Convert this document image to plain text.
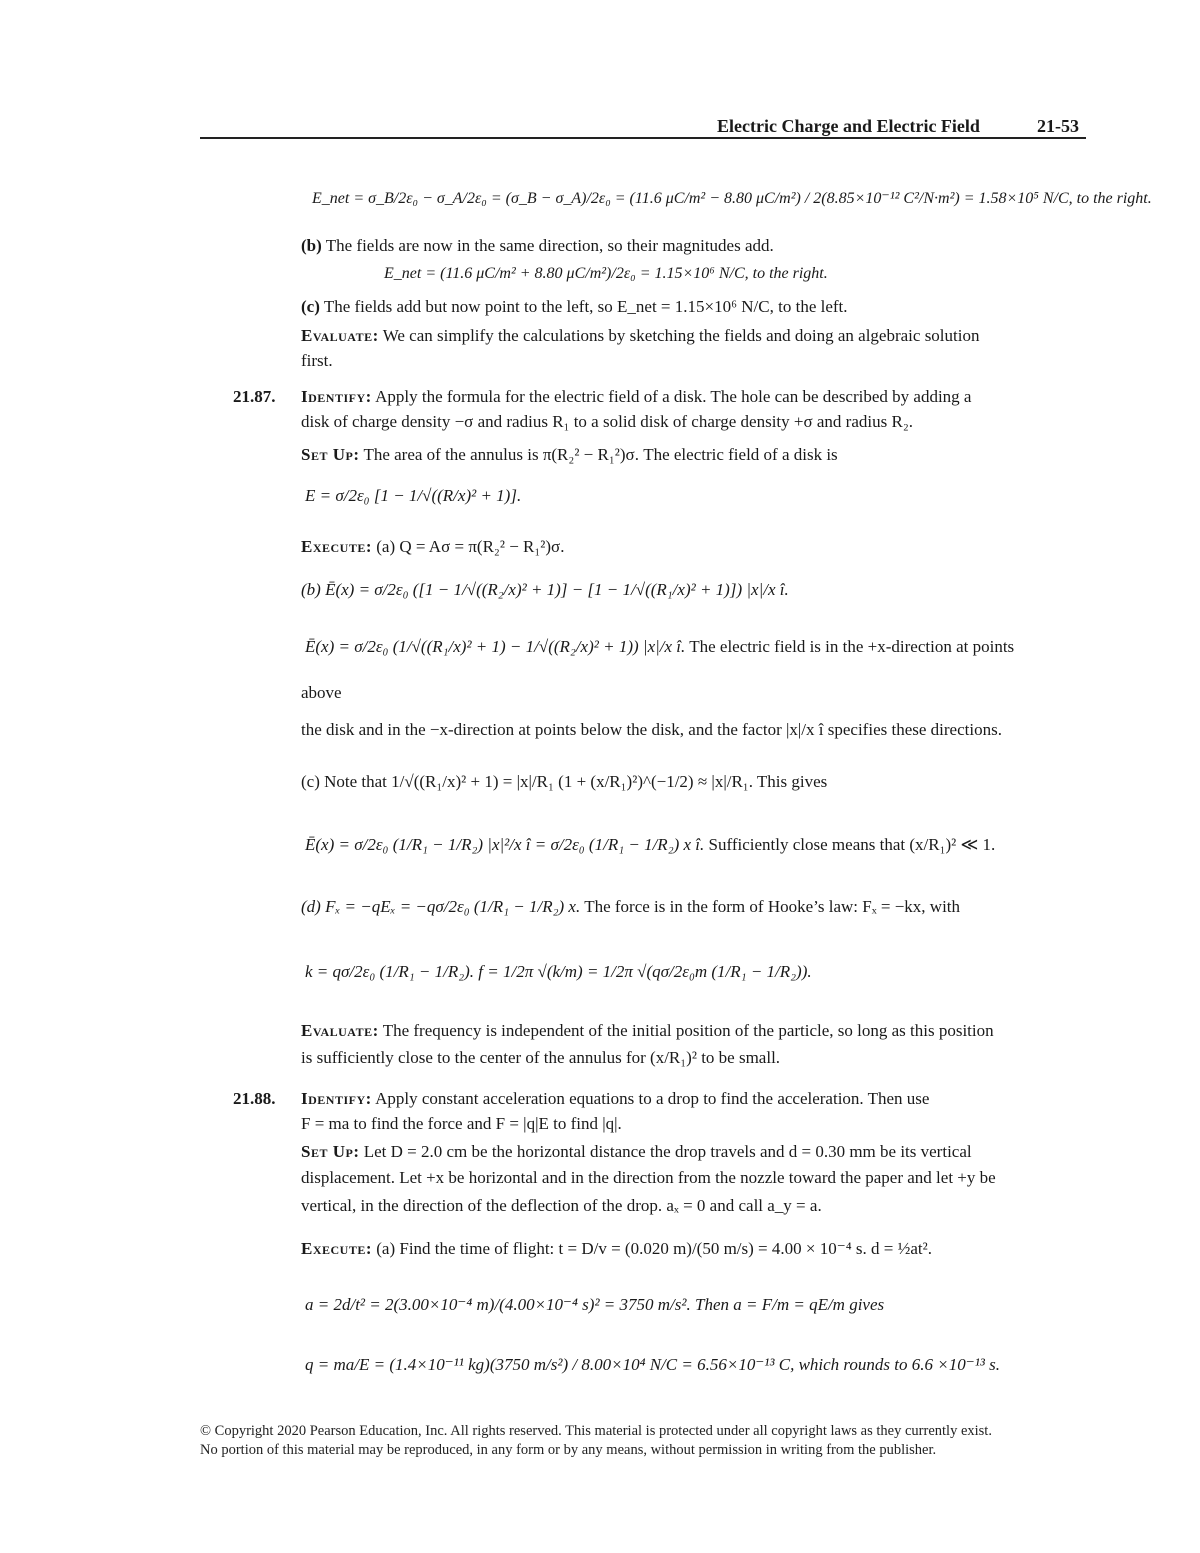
Electric Charge and Electric Field	21-53
E_net = σ_B/2ε₀ − σ_A/2ε₀ = (σ_B − σ_A)/2ε₀ = (11.6 μC/m² − 8.80 μC/m²) / 2(8.85×10⁻¹² C²/N·m²) = 1.58×10⁵ N/C, to the right.
(b) The fields are now in the same direction, so their magnitudes add.
E_net = (11.6 μC/m² + 8.80 μC/m²)/2ε₀ = 1.15×10⁶ N/C, to the right.
(c) The fields add but now point to the left, so E_net = 1.15×10⁶ N/C, to the left.
Evaluate: We can simplify the calculations by sketching the fields and doing an algebraic solution
first.
21.87. Identify: Apply the formula for the electric field of a disk. The hole can be described by adding a
disk of charge density −σ and radius R₁ to a solid disk of charge density +σ and radius R₂.
Set Up: The area of the annulus is π(R₂² − R₁²)σ. The electric field of a disk is
E = σ/2ε₀ [1 − 1/√((R/x)² + 1)].
Execute: (a) Q = Aσ = π(R₂² − R₁²)σ.
(b) Ē(x) = σ/2ε₀ ([1 − 1/√((R₂/x)² + 1)] − [1 − 1/√((R₁/x)² + 1)]) |x|/x î.
Ē(x) = σ/2ε₀ (1/√((R₁/x)² + 1) − 1/√((R₂/x)² + 1)) |x|/x î. The electric field is in the +x-direction at points
above
the disk and in the −x-direction at points below the disk, and the factor |x|/x î specifies these directions.
(c) Note that 1/√((R₁/x)² + 1) = |x|/R₁ (1 + (x/R₁)²)^(−1/2) ≈ |x|/R₁. This gives
Ē(x) = σ/2ε₀ (1/R₁ − 1/R₂) |x|²/x î = σ/2ε₀ (1/R₁ − 1/R₂) x î. Sufficiently close means that (x/R₁)² ≪ 1.
(d) Fₓ = −qEₓ = −qσ/2ε₀ (1/R₁ − 1/R₂) x. The force is in the form of Hooke’s law: Fₓ = −kx, with
k = qσ/2ε₀ (1/R₁ − 1/R₂). f = 1/2π √(k/m) = 1/2π √(qσ/2ε₀m (1/R₁ − 1/R₂)).
Evaluate: The frequency is independent of the initial position of the particle, so long as this position
is sufficiently close to the center of the annulus for (x/R₁)² to be small.
21.88. Identify: Apply constant acceleration equations to a drop to find the acceleration. Then use
F = ma to find the force and F = |q|E to find |q|.
Set Up: Let D = 2.0 cm be the horizontal distance the drop travels and d = 0.30 mm be its vertical
displacement. Let +x be horizontal and in the direction from the nozzle toward the paper and let +y be
vertical, in the direction of the deflection of the drop. aₓ = 0 and call a_y = a.
Execute: (a) Find the time of flight: t = D/v = (0.020 m)/(50 m/s) = 4.00 × 10⁻⁴ s. d = ½at².
a = 2d/t² = 2(3.00×10⁻⁴ m)/(4.00×10⁻⁴ s)² = 3750 m/s². Then a = F/m = qE/m gives
q = ma/E = (1.4×10⁻¹¹ kg)(3750 m/s²) / 8.00×10⁴ N/C = 6.56×10⁻¹³ C, which rounds to 6.6 ×10⁻¹³ s.
© Copyright 2020 Pearson Education, Inc. All rights reserved. This material is protected under all copyright laws as they currently exist.
No portion of this material may be reproduced, in any form or by any means, without permission in writing from the publisher.
